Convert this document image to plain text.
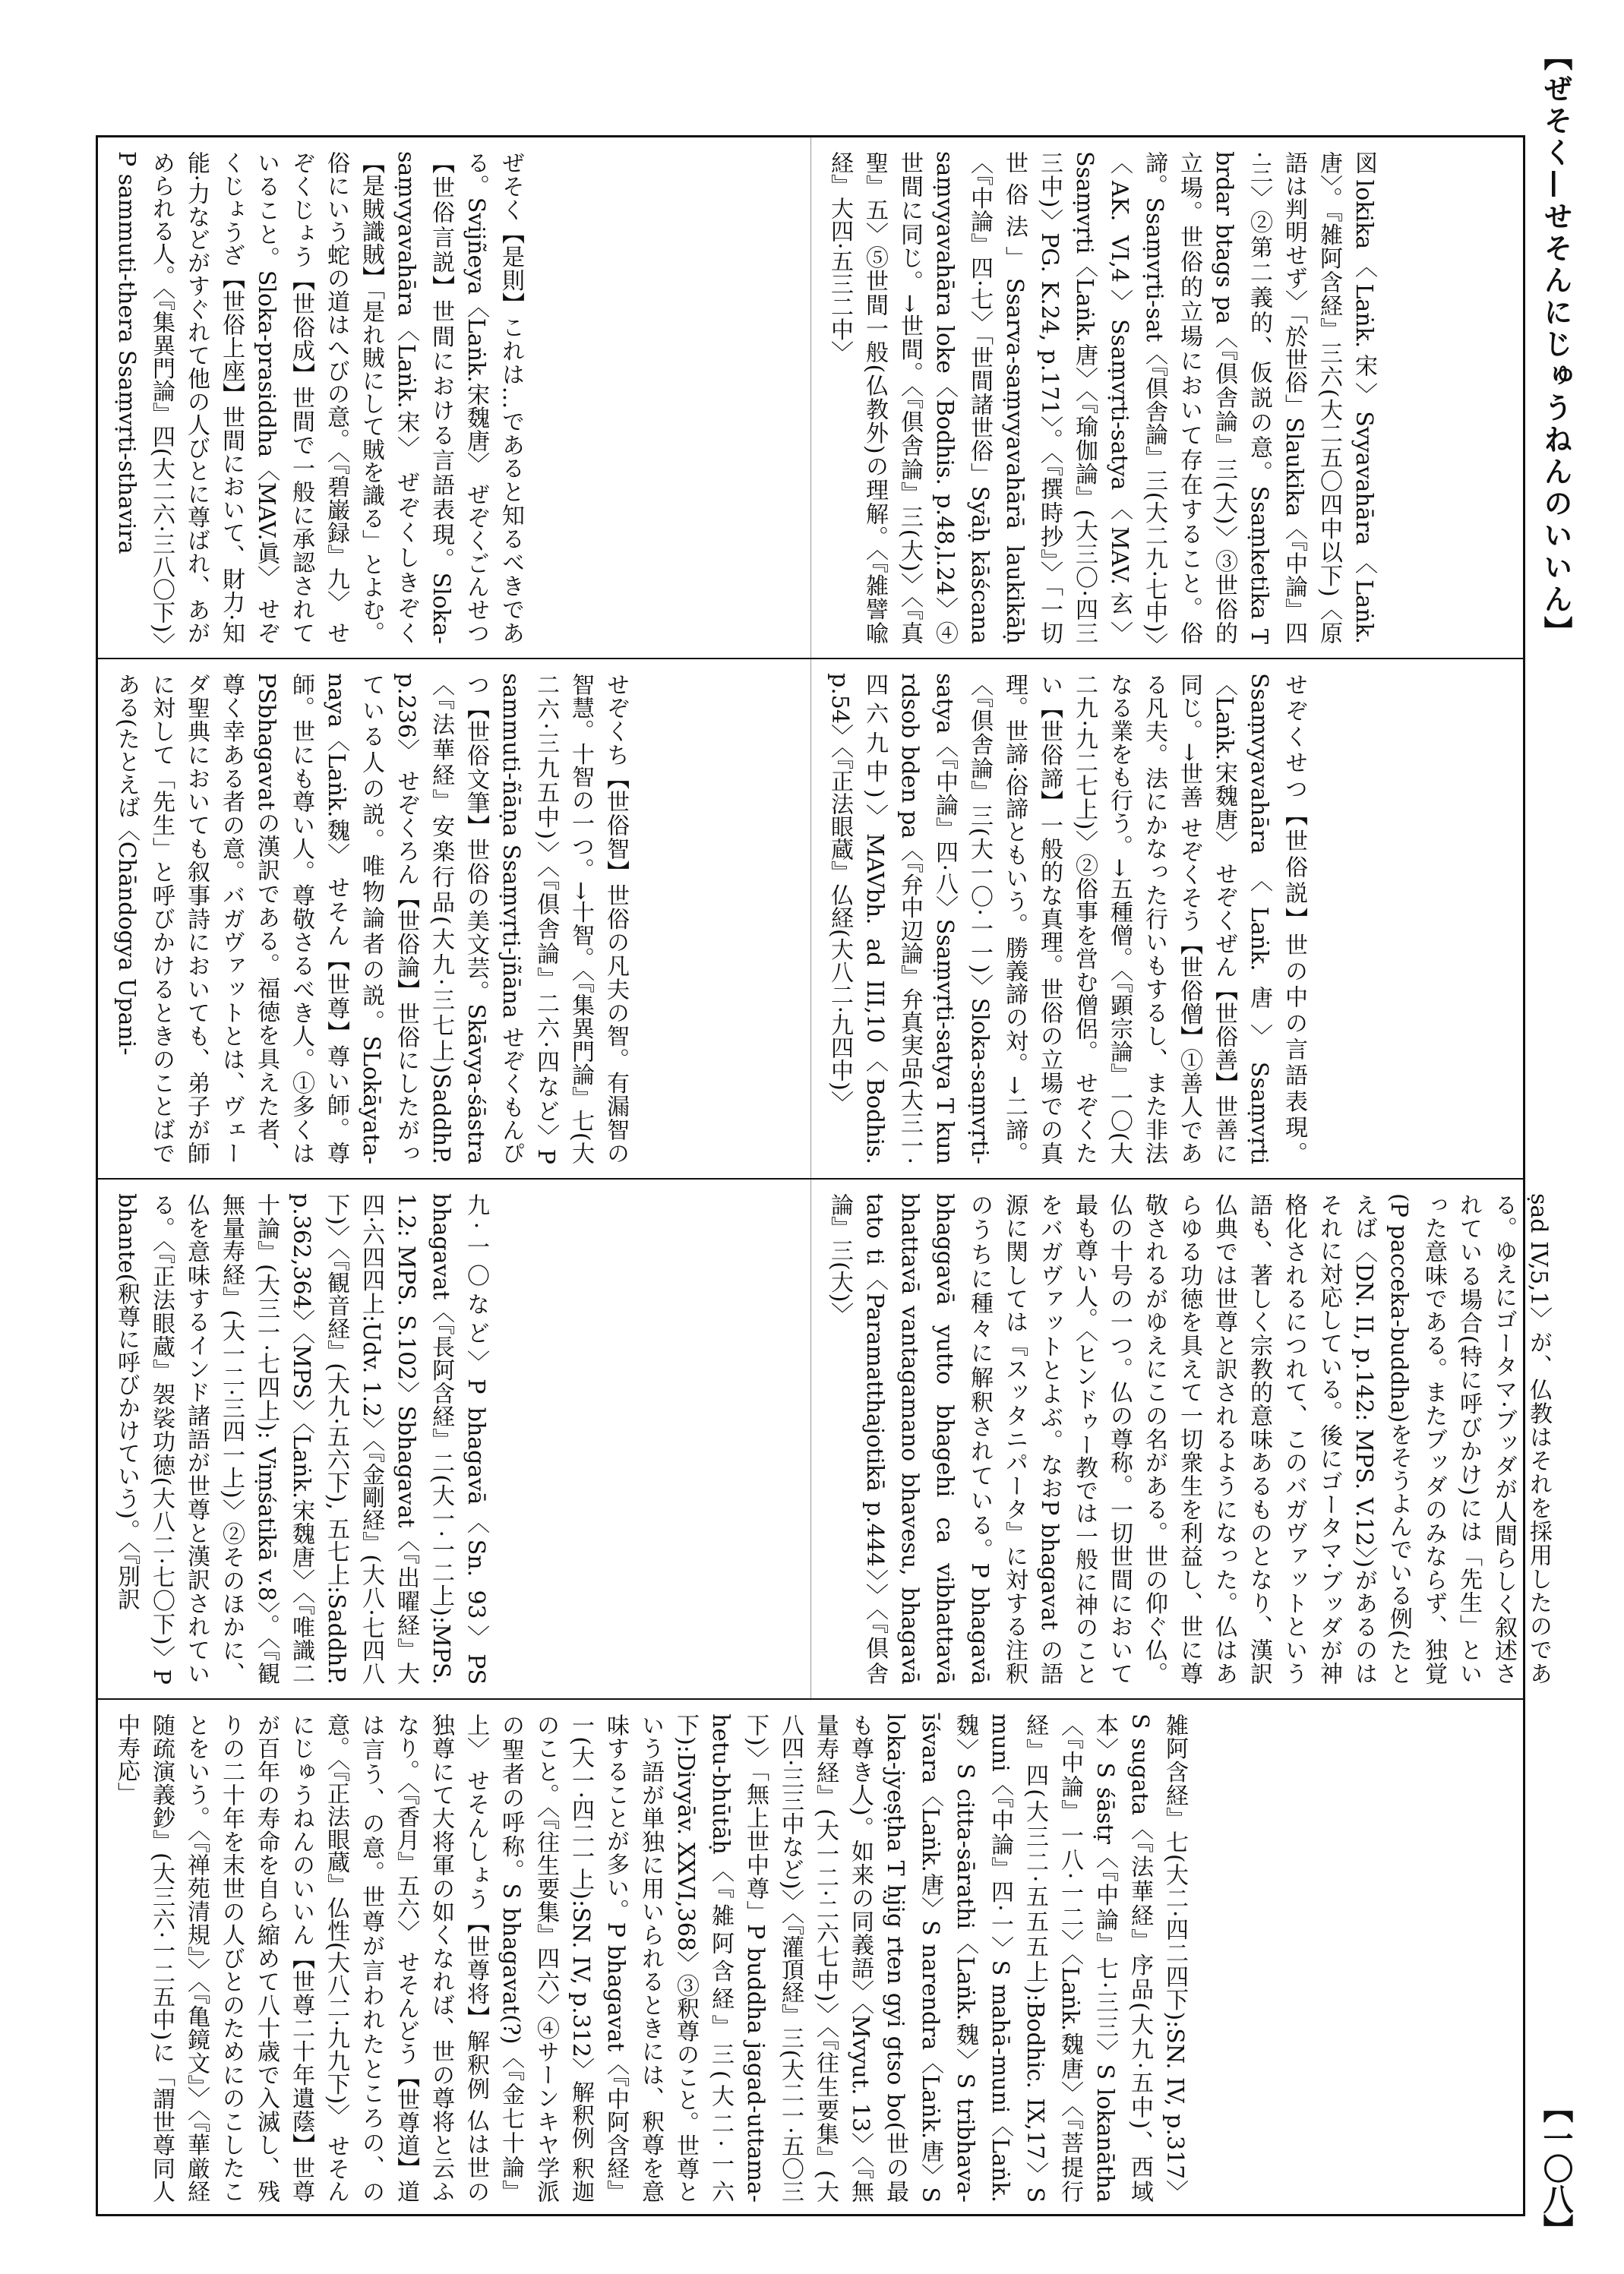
【ぜそく—せそんにじゅうねんのいいん】
【一〇八】
図lokika〈Laṅk.宋〉Svyavahāra〈Laṅk.唐〉。『雑阿含経』三六(大二五〇四中以下)〈原語は判明せず〉「於世俗」Slaukika〈『中論』四·三〉②第二義的、仮説の意。Ssaṃketika T brdar btags pa〈『倶舎論』三(大)〉③世俗的立場。世俗的立場において存在すること。俗諦。Ssaṃvṛti-sat〈『倶舎論』三(大二九·七中)〉〈AK. VI,4〉Ssaṃvṛti-satya〈MAV.玄〉Ssaṃvṛti〈Laṅk.唐〉〈『瑜伽論』(大三〇·四三三中)〉PG. K.24, p.171〉。〈『撰時抄』〉「一切世俗法」Ssarva-saṃvyavahārā laukikāḥ〈『中論』四·七〉「世間諸世俗」Syāḥ kāścana saṃvyavahāra loke〈Bodhis. p.48,l.24〉④世間に同じ。→世間。〈『倶舎論』三(大)〉〈『真聖』五〉⑤世間一般(仏教外)の理解。〈『雑譬喩経』大四·五三二中〉
ぜそく【是則】これは…であると知るべきである。Svijñeya〈Laṅk.宋魏唐〉 ぜぞくごんせつ【世俗言説】世間における言語表現。Sloka-saṃvyavahāra〈Laṅk.宋〉 ぜぞくしきぞく【是賊識賊】「是れ賊にして賊を識る」とよむ。俗にいう蛇の道はへびの意。〈『碧巌録』九〉 せぞくじょう【世俗成】世間で一般に承認されていること。Sloka-prasiddha〈MAV.眞〉 せぞくじょうざ【世俗上座】世間において、財力·知能·力などがすぐれて他の人びとに尊ばれ、あがめられる人。〈『集異門論』四(大二六·三八〇下)〉P sammuti-thera Ssaṃvṛti-sthavira
せぞくせつ【世俗説】世の中の言語表現。Ssaṃvyavahāra〈Laṅk.唐〉Ssaṃvṛti〈Laṅk.宋魏唐〉 せぞくぜん【世俗善】世善に同じ。→世善 せぞくそう【世俗僧】①善人である凡夫。法にかなった行いもするし、また非法なる業をも行う。→五種僧。〈『顕宗論』一〇(大二九·九二七上)〉②俗事を営む僧侶。 せぞくたい【世俗諦】一般的な真理。世俗の立場での真理。世諦·俗諦ともいう。勝義諦の対。→二諦。〈『倶舎論』三(大一〇·一一)〉Sloka-saṃvṛti-satya〈『中論』四·八〉Ssaṃvṛti-satya T kun rdsob bden pa〈『弁中辺論』弁真実品(大三一·四六九中)〉MAVbh. ad III,10〈Bodhis. p.54〉〈『正法眼蔵』仏経(大八二·九四中)〉
せぞくち【世俗智】世俗の凡夫の智。有漏智の智慧。十智の一つ。→十智。〈『集異門論』七(大二六·三九五中)〉〈『倶舎論』二六·四など〉P sammuti-ñāṇa Ssaṃvṛti-jñāna せぞくもんぴつ【世俗文筆】世俗の美文芸。Skāvya-śāstra〈『法華経』安楽行品(大九·三七上)SaddhP. p.236〉 せぞくろん【世俗論】世俗にしたがっている人の説。唯物論者の説。SLokāyata-naya〈Laṅk.魏〉 せそん【世尊】尊い師。尊師。世にも尊い人。尊敬さるべき人。①多くはPSbhagavatの漢訳である。福徳を具えた者、尊く幸ある者の意。バガヴァットとは、ヴェーダ聖典においても叙事詩においても、弟子が師に対して「先生」と呼びかけるときのことばである(たとえば〈Chāndogya Upani-
ṣad IV,5,1〉が、仏教はそれを採用したのである。ゆえにゴータマ·ブッダが人間らしく叙述されている場合(特に呼びかけ)には「先生」といった意味である。またブッダのみならず、独覚(P pacceka-buddha)をそうよんでいる例(たとえば〈DN. II, p.142: MPS. V.12〉)があるのはそれに対応している。後にゴータマ·ブッダが神格化されるにつれて、このバガヴァットという語も、著しく宗教的意味あるものとなり、漢訳仏典では世尊と訳されるようになった。仏はあらゆる功徳を具えて一切衆生を利益し、世に尊敬されるがゆえにこの名がある。世の仰ぐ仏。仏の十号の一つ。仏の尊称。一切世間において最も尊い人。〈ヒンドゥー教では一般に神のことをバガヴァットとよぶ。なおP bhagavat の語源に関しては『スッタニパータ』に対する注釈のうちに種々に解釈されている。P bhagavā bhaggavā yuttο bhagehi ca vibhattavā bhattavā vantagamano bhavesu, bhagavā tato ti〈Paramatthajotikā p.444〉〉〈『倶舎論』三(大)〉
九·一〇など〉P bhagavā〈Sn. 93〉PS bhagavat〈『長阿含経』二(大一·一二上):MPS. 1.2: MPS. S.102〉Sbhagavat〈『出曜経』大四·六四四上:Udv. 1.2〉〈『金剛経』(大八·七四八下)〉〈『観音経』(大九·五六下), 五七上:SaddhP. p.362,364〉〈MPS〉〈Laṅk.宋魏唐〉〈『唯識二十論』(大三一·七四上): Viṃśatikā v.8〉。〈『観無量寿経』(大一二·三四一上)〉②そのほかに、仏を意味するインド諸語が世尊と漢訳されている。〈『正法眼蔵』袈裟功徳(大八二·七〇下)〉P bhante(釈尊に呼びかけていう)。〈『別訳
雑阿含経』七(大二·四二四下):SN. IV, p.317〉S sugata〈『法華経』序品(大九·五中)、西域本〉S śāstṛ〈『中論』七·三三〉S lokanātha〈『中論』一八·一二〉〈Laṅk.魏唐〉〈『菩提行経』四(大三二·五五五上):Bodhic. IX,17〉S muni〈『中論』四·一〉S mahā-muni〈Laṅk.魏〉S citta-sārathi〈Laṅk.魏〉S tribhava-īśvara〈Laṅk.唐〉S narendra〈Laṅk.唐〉S loka-jyeṣṭha T ḥjig rten gyi gtso bo(世の最も尊き人)。如来の同義語〉〈Mvyut. 13〉〈『無量寿経』(大一二·二六七中)〉〈『往生要集』(大八四·三三中など)〉〈『灌頂経』三(大二一·五〇三下)〉「無上世中尊」P buddha jagad-uttama-hetu-bhūtāḥ〈『雑阿含経』三(大二·一六下):Divyāv. XXVI,368〉③釈尊のこと。世尊という語が単独に用いられるときには、釈尊を意味することが多い。P bhagavat〈『中阿含経』一(大一·四二一上):SN. IV, p.312〉解釈例 釈迦のこと。〈『往生要集』四六〉④サーンキヤ学派の聖者の呼称。S bhagavat(?)〈『金七十論』上〉 せそんしょう【世尊将】解釈例 仏は世の独尊にて大将軍の如くなれば、世の尊将と云ふなり。〈『香月』五六〉 せそんどう【世尊道】道は言う、の意。世尊が言われたところの、の意。〈『正法眼蔵』仏性(大八二·九九下)〉 せそんにじゅうねんのいいん【世尊二十年遺蔭】世尊が百年の寿命を自ら縮めて八十歳で入滅し、残りの二十年を末世の人びとのためにのこしたことをいう。〈『禅苑清規』〉〈『亀鏡文』〉〈『華厳経随疏演義鈔』(大三六·一二五中)に「謂世尊同人中寿応」
